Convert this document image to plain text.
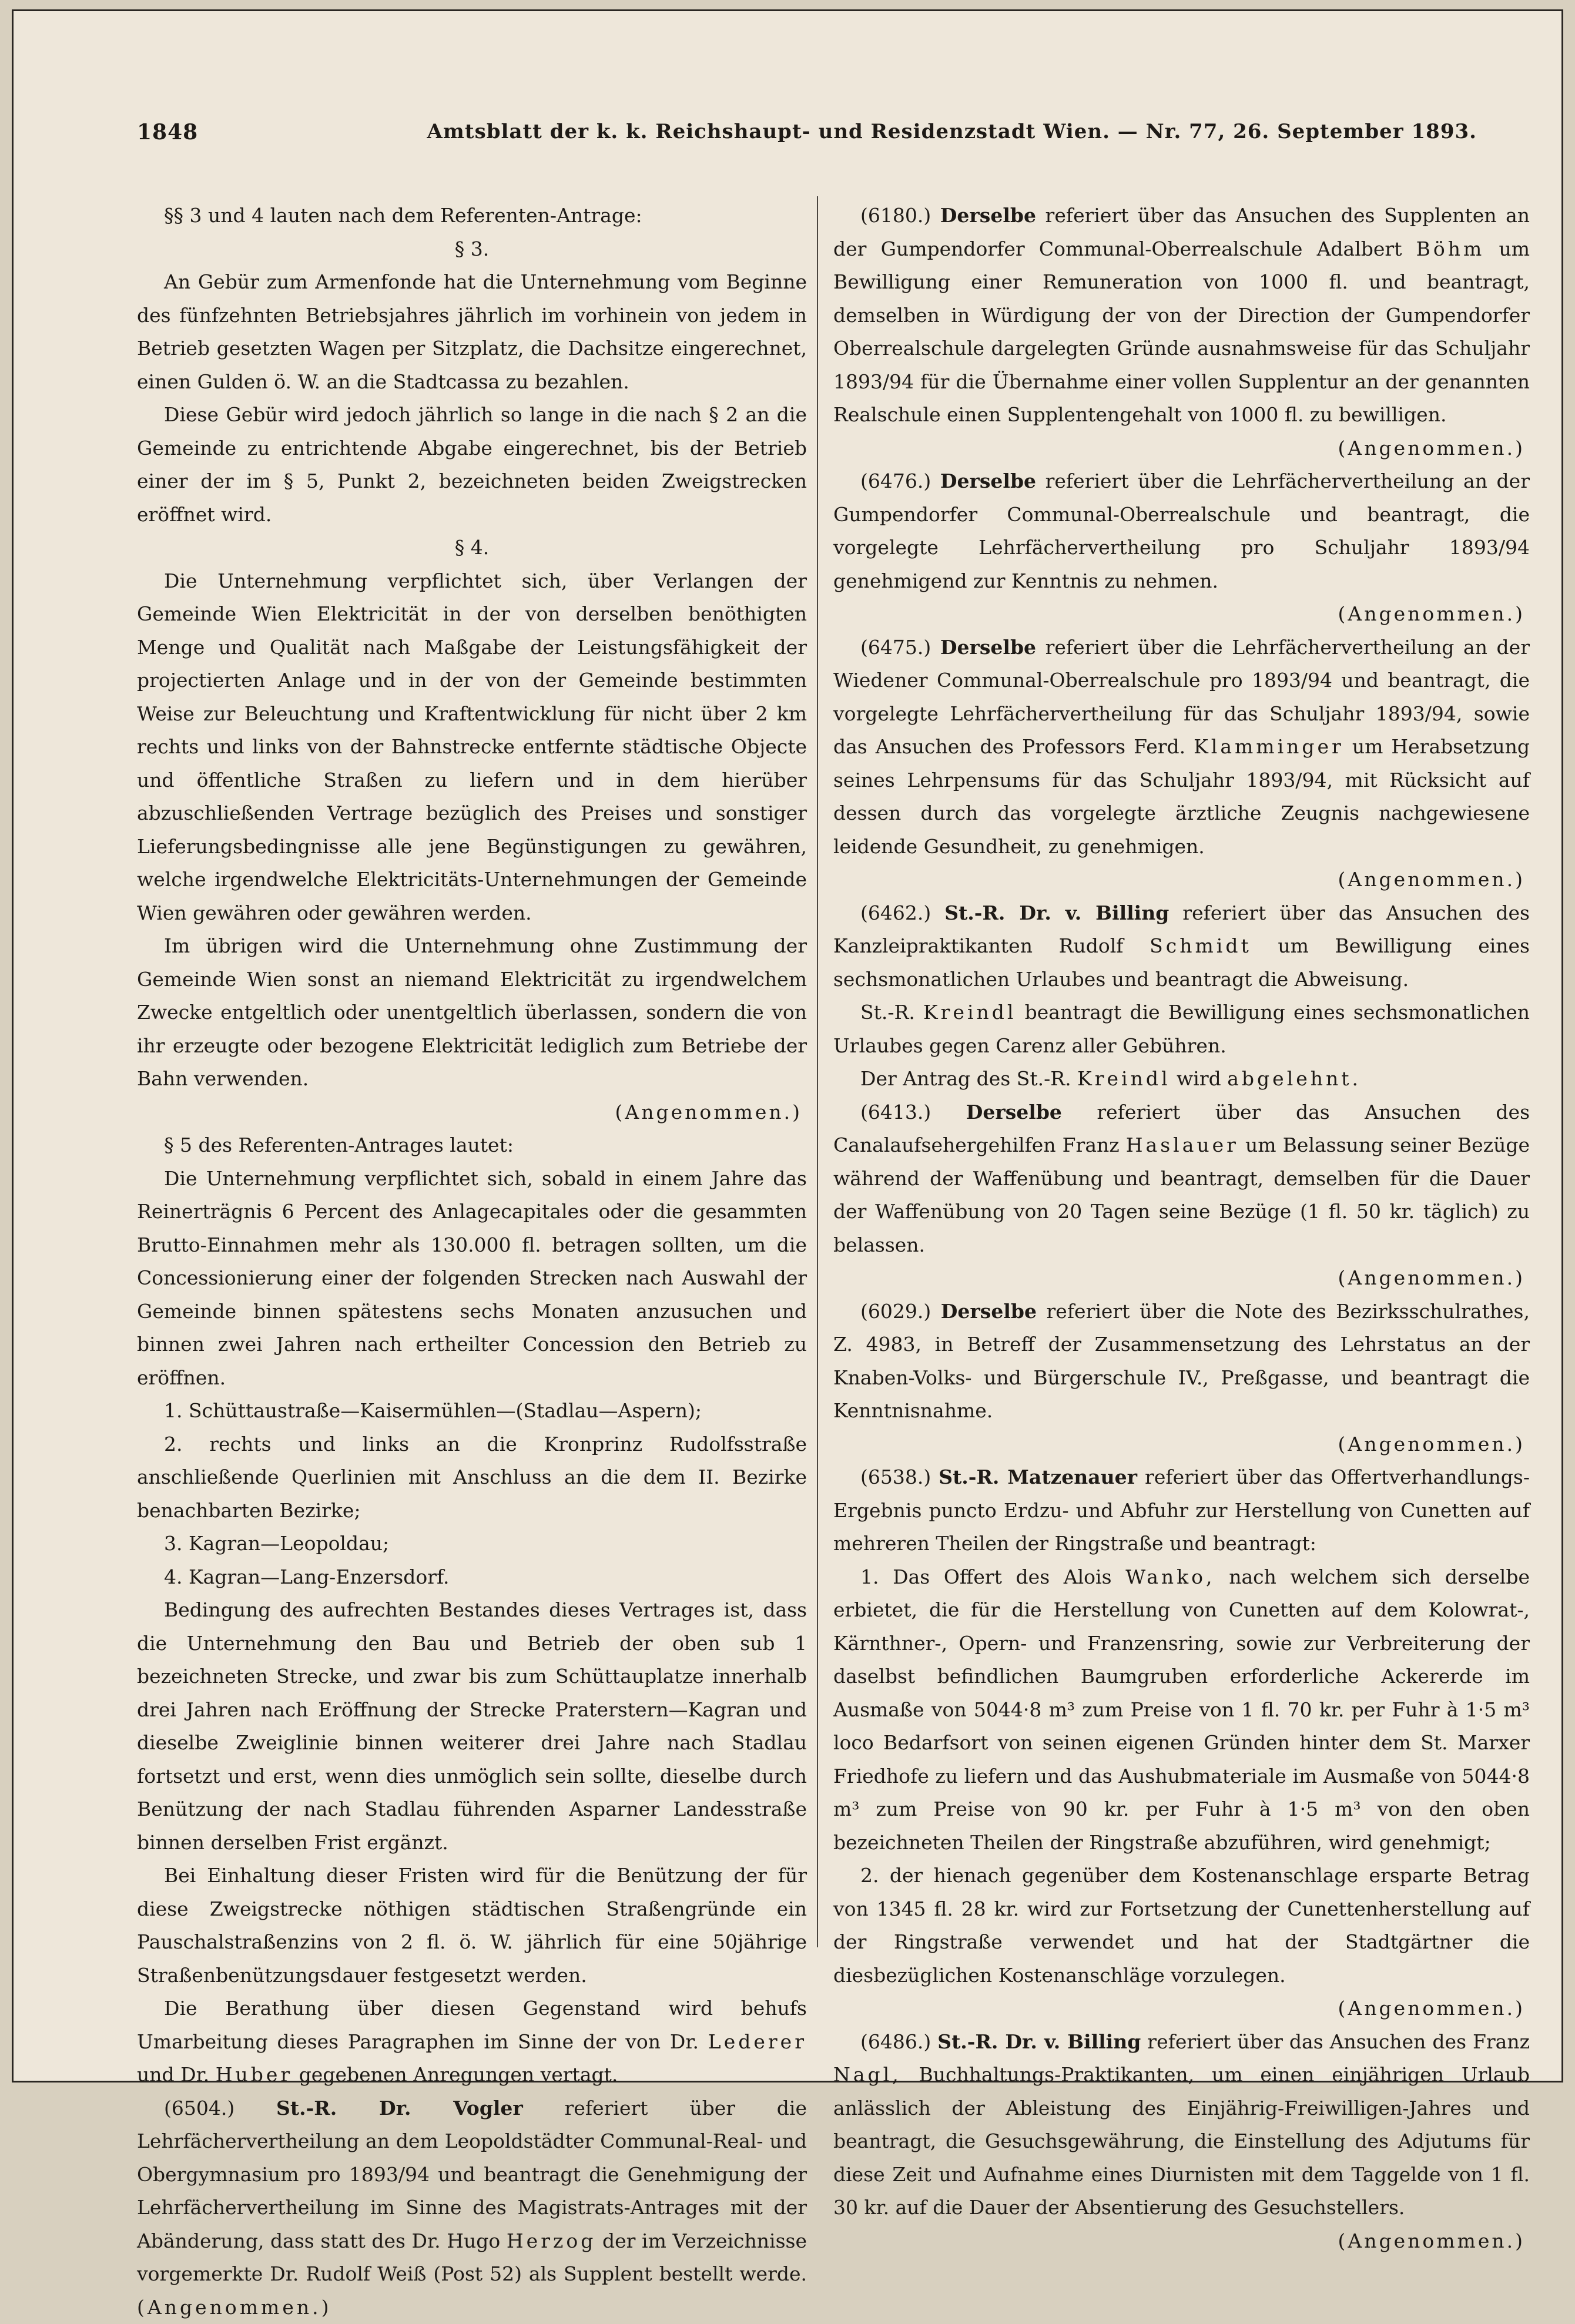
1848	Amtsblatt der k. k. Reichshaupt- und Residenzstadt Wien. — Nr. 77, 26. September 1893.

§§ 3 und 4 lauten nach dem Referenten-Antrage:

§ 3.

An Gebür zum Armenfonde hat die Unternehmung vom Beginne des fünfzehnten Betriebsjahres jährlich im vorhinein von jedem in Betrieb gesetzten Wagen per Sitzplatz, die Dachsitze eingerechnet, einen Gulden ö. W. an die Stadtcassa zu bezahlen.

Diese Gebür wird jedoch jährlich so lange in die nach § 2 an die Gemeinde zu entrichtende Abgabe eingerechnet, bis der Betrieb einer der im § 5, Punkt 2, bezeichneten beiden Zweigstrecken eröffnet wird.

§ 4.

Die Unternehmung verpflichtet sich, über Verlangen der Gemeinde Wien Elektricität in der von derselben benöthigten Menge und Qualität nach Maßgabe der Leistungsfähigkeit der projectierten Anlage und in der von der Gemeinde bestimmten Weise zur Beleuchtung und Kraftentwicklung für nicht über 2 km rechts und links von der Bahnstrecke entfernte städtische Objecte und öffentliche Straßen zu liefern und in dem hierüber abzuschließenden Vertrage bezüglich des Preises und sonstiger Lieferungsbedingnisse alle jene Begünstigungen zu gewähren, welche irgendwelche Elektricitäts-Unternehmungen der Gemeinde Wien gewähren oder gewähren werden.

Im übrigen wird die Unternehmung ohne Zustimmung der Gemeinde Wien sonst an niemand Elektricität zu irgendwelchem Zwecke entgeltlich oder unentgeltlich überlassen, sondern die von ihr erzeugte oder bezogene Elektricität lediglich zum Betriebe der Bahn verwenden.

(Angenommen.)

§ 5 des Referenten-Antrages lautet:

Die Unternehmung verpflichtet sich, sobald in einem Jahre das Reinerträgnis 6 Percent des Anlagecapitales oder die gesammten Brutto-Einnahmen mehr als 130.000 fl. betragen sollten, um die Concessionierung einer der folgenden Strecken nach Auswahl der Gemeinde binnen spätestens sechs Monaten anzusuchen und binnen zwei Jahren nach ertheilter Concession den Betrieb zu eröffnen.

1. Schüttaustraße—Kaisermühlen—(Stadlau—Aspern);

2. rechts und links an die Kronprinz Rudolfsstraße anschließende Querlinien mit Anschluss an die dem II. Bezirke benachbarten Bezirke;

3. Kagran—Leopoldau;

4. Kagran—Lang-Enzersdorf.

Bedingung des aufrechten Bestandes dieses Vertrages ist, dass die Unternehmung den Bau und Betrieb der oben sub 1 bezeichneten Strecke, und zwar bis zum Schüttauplatze innerhalb drei Jahren nach Eröffnung der Strecke Praterstern—Kagran und dieselbe Zweiglinie binnen weiterer drei Jahre nach Stadlau fortsetzt und erst, wenn dies unmöglich sein sollte, dieselbe durch Benützung der nach Stadlau führenden Asparner Landesstraße binnen derselben Frist ergänzt.

Bei Einhaltung dieser Fristen wird für die Benützung der für diese Zweigstrecke nöthigen städtischen Straßengründe ein Pauschalstraßenzins von 2 fl. ö. W. jährlich für eine 50jährige Straßenbenützungsdauer festgesetzt werden.

Die Berathung über diesen Gegenstand wird behufs Umarbeitung dieses Paragraphen im Sinne der von Dr. Lederer und Dr. Huber gegebenen Anregungen vertagt.

(6504.) St.-R. Dr. Vogler referiert über die Lehrfächervertheilung an dem Leopoldstädter Communal-Real- und Obergymnasium pro 1893/94 und beantragt die Genehmigung der Lehrfächervertheilung im Sinne des Magistrats-Antrages mit der Abänderung, dass statt des Dr. Hugo Herzog der im Verzeichnisse vorgemerkte Dr. Rudolf Weiß (Post 52) als Supplent bestellt werde. (Angenommen.)

(6180.) Derselbe referiert über das Ansuchen des Supplenten an der Gumpendorfer Communal-Oberrealschule Adalbert Böhm um Bewilligung einer Remuneration von 1000 fl. und beantragt, demselben in Würdigung der von der Direction der Gumpendorfer Oberrealschule dargelegten Gründe ausnahmsweise für das Schuljahr 1893/94 für die Übernahme einer vollen Supplentur an der genannten Realschule einen Supplentengehalt von 1000 fl. zu bewilligen.

(Angenommen.)

(6476.) Derselbe referiert über die Lehrfächervertheilung an der Gumpendorfer Communal-Oberrealschule und beantragt, die vorgelegte Lehrfächervertheilung pro Schuljahr 1893/94 genehmigend zur Kenntnis zu nehmen.

(Angenommen.)

(6475.) Derselbe referiert über die Lehrfächervertheilung an der Wiedener Communal-Oberrealschule pro 1893/94 und beantragt, die vorgelegte Lehrfächervertheilung für das Schuljahr 1893/94, sowie das Ansuchen des Professors Ferd. Klamminger um Herabsetzung seines Lehrpensums für das Schuljahr 1893/94, mit Rücksicht auf dessen durch das vorgelegte ärztliche Zeugnis nachgewiesene leidende Gesundheit, zu genehmigen.

(Angenommen.)

(6462.) St.-R. Dr. v. Billing referiert über das Ansuchen des Kanzleipraktikanten Rudolf Schmidt um Bewilligung eines sechsmonatlichen Urlaubes und beantragt die Abweisung.

St.-R. Kreindl beantragt die Bewilligung eines sechsmonatlichen Urlaubes gegen Carenz aller Gebühren.

Der Antrag des St.-R. Kreindl wird abgelehnt.

(6413.) Derselbe referiert über das Ansuchen des Canalaufsehergehilfen Franz Haslauer um Belassung seiner Bezüge während der Waffenübung und beantragt, demselben für die Dauer der Waffenübung von 20 Tagen seine Bezüge (1 fl. 50 kr. täglich) zu belassen.

(Angenommen.)

(6029.) Derselbe referiert über die Note des Bezirksschulrathes, Z. 4983, in Betreff der Zusammensetzung des Lehrstatus an der Knaben-Volks- und Bürgerschule IV., Preßgasse, und beantragt die Kenntnisnahme.

(Angenommen.)

(6538.) St.-R. Matzenauer referiert über das Offertverhandlungs-Ergebnis puncto Erdzu- und Abfuhr zur Herstellung von Cunetten auf mehreren Theilen der Ringstraße und beantragt:

1. Das Offert des Alois Wanko, nach welchem sich derselbe erbietet, die für die Herstellung von Cunetten auf dem Kolowrat-, Kärnthner-, Opern- und Franzensring, sowie zur Verbreiterung der daselbst befindlichen Baumgruben erforderliche Ackererde im Ausmaße von 5044·8 m³ zum Preise von 1 fl. 70 kr. per Fuhr à 1·5 m³ loco Bedarfsort von seinen eigenen Gründen hinter dem St. Marxer Friedhofe zu liefern und das Aushubmateriale im Ausmaße von 5044·8 m³ zum Preise von 90 kr. per Fuhr à 1·5 m³ von den oben bezeichneten Theilen der Ringstraße abzuführen, wird genehmigt;

2. der hienach gegenüber dem Kostenanschlage ersparte Betrag von 1345 fl. 28 kr. wird zur Fortsetzung der Cunettenherstellung auf der Ringstraße verwendet und hat der Stadtgärtner die diesbezüglichen Kostenanschläge vorzulegen.

(Angenommen.)

(6486.) St.-R. Dr. v. Billing referiert über das Ansuchen des Franz Nagl, Buchhaltungs-Praktikanten, um einen einjährigen Urlaub anlässlich der Ableistung des Einjährig-Freiwilligen-Jahres und beantragt, die Gesuchsgewährung, die Einstellung des Adjutums für diese Zeit und Aufnahme eines Diurnisten mit dem Taggelde von 1 fl. 30 kr. auf die Dauer der Absentierung des Gesuchstellers.

(Angenommen.)
